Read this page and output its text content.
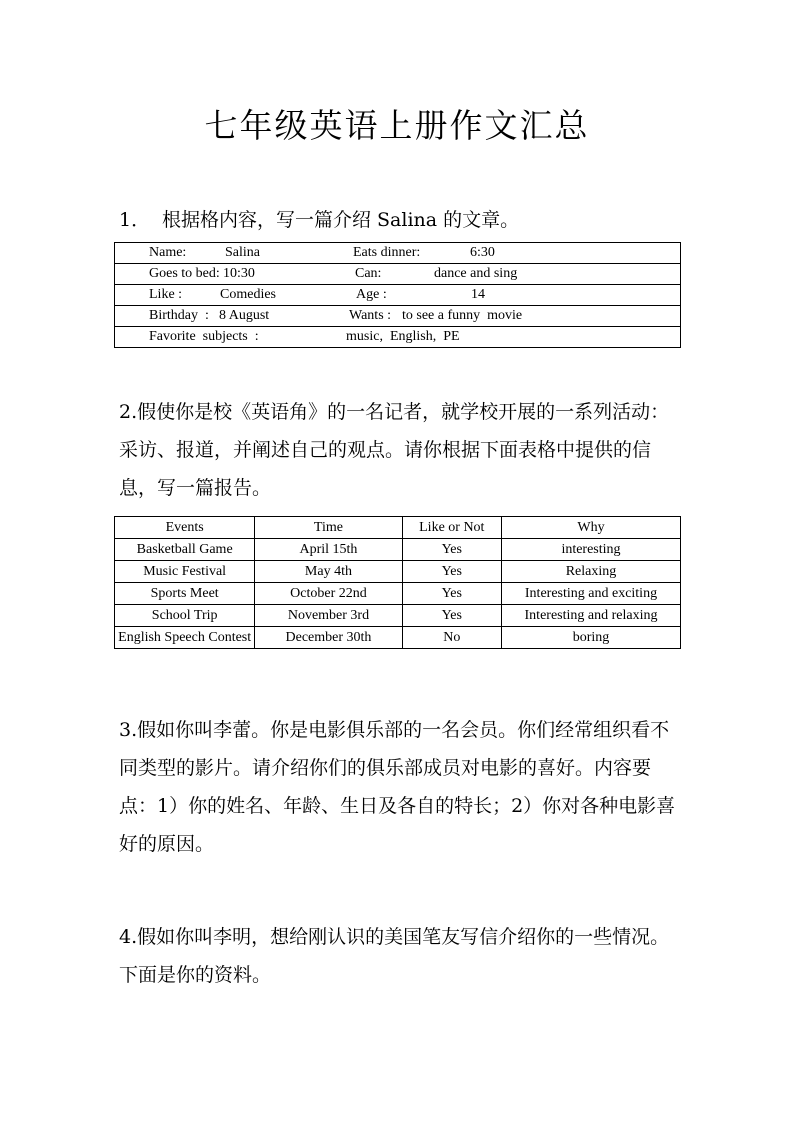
七年级英语上册作文汇总
1． 根据格内容，写一篇介绍 Salina 的文章。
Name:	Salina	Eats dinner:	6:30

Goes to bed: 10:30	Can:	dance and sing

Like :	Comedies	Age :	14

Birthday  : 8 August	Wants : to see a funny  movie

Favorite  subjects  :	music,  English,  PE
2.假使你是校《英语角》的一名记者，就学校开展的一系列活动：采访、报道，并阐述自己的观点。请你根据下面表格中提供的信息，写一篇报告。
Events	Time	Like or Not	Why
Basketball Game	April 15th	Yes	interesting
Music Festival	May 4th	Yes	Relaxing
Sports Meet	October 22nd	Yes	Interesting and exciting
School Trip	November 3rd	Yes	Interesting and relaxing
English Speech Contest	December 30th	No	boring
3.假如你叫李蕾。你是电影俱乐部的一名会员。你们经常组织看不同类型的影片。请介绍你们的俱乐部成员对电影的喜好。内容要点：1）你的姓名、年龄、生日及各自的特长；2）你对各种电影喜好的原因。
4.假如你叫李明，想给刚认识的美国笔友写信介绍你的一些情况。下面是你的资料。
